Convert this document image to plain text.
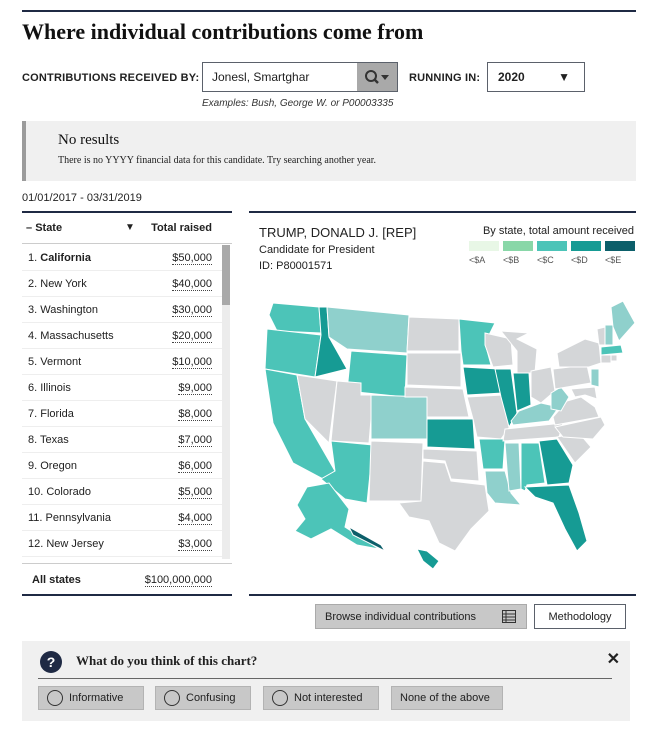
Where individual contributions come from
CONTRIBUTIONS RECEIVED BY:
Jonesl, Smartghar	RUNNING IN:	2020	▼
Examples: Bush, George W. or P00003335
No results
There is no YYYY financial data for this candidate. Try searching another year.
01/01/2017 - 03/31/2019
– State	▼ Total raised
1. California	$50,000
2. New York	$40,000
3. Washington	$30,000
4. Massachusetts	$20,000
5. Vermont	$10,000
6. Illinois	$9,000
7. Florida	$8,000
8. Texas	$7,000
9. Oregon	$6,000
10. Colorado	$5,000
11. Pennsylvania	$4,000
12. New Jersey	$3,000
All states	$100,000,000
TRUMP, DONALD J. [REP]
Candidate for President
ID: P80001571
By state, total amount received
<$A <$B <$C <$D <$E
Browse individual contributions	Methodology
?	What do you think of this chart?	✕
Informative	Confusing	Not interested	None of the above
